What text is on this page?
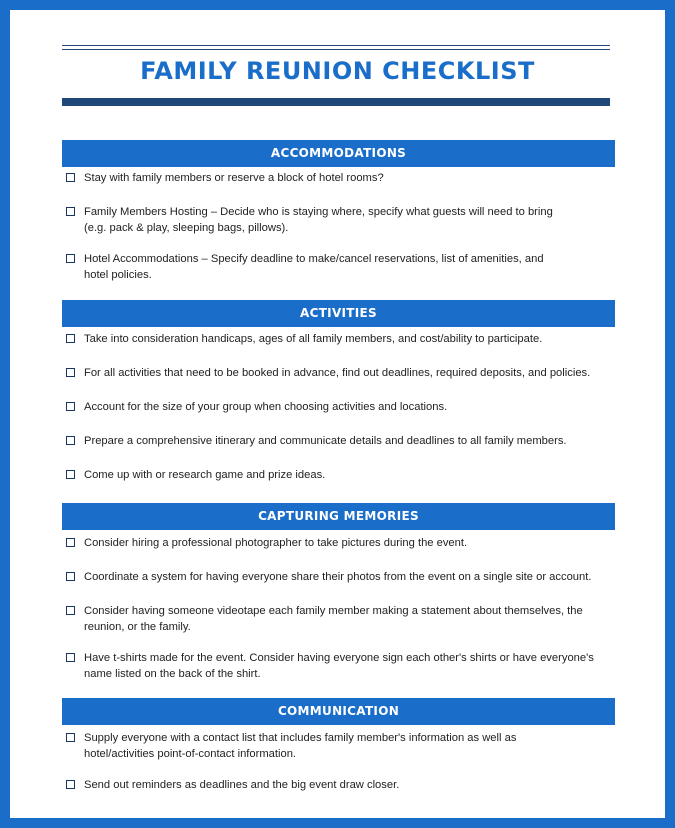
FAMILY REUNION CHECKLIST
ACCOMMODATIONS
Stay with family members or reserve a block of hotel rooms?
Family Members Hosting – Decide who is staying where, specify what guests will need to bring
(e.g. pack & play, sleeping bags, pillows).
Hotel Accommodations – Specify deadline to make/cancel reservations, list of amenities, and
hotel policies.
ACTIVITIES
Take into consideration handicaps, ages of all family members, and cost/ability to participate.
For all activities that need to be booked in advance, find out deadlines, required deposits, and policies.
Account for the size of your group when choosing activities and locations.
Prepare a comprehensive itinerary and communicate details and deadlines to all family members.
Come up with or research game and prize ideas.
CAPTURING MEMORIES
Consider hiring a professional photographer to take pictures during the event.
Coordinate a system for having everyone share their photos from the event on a single site or account.
Consider having someone videotape each family member making a statement about themselves, the
reunion, or the family.
Have t-shirts made for the event. Consider having everyone sign each other's shirts or have everyone's
name listed on the back of the shirt.
COMMUNICATION
Supply everyone with a contact list that includes family member's information as well as
hotel/activities point-of-contact information.
Send out reminders as deadlines and the big event draw closer.
